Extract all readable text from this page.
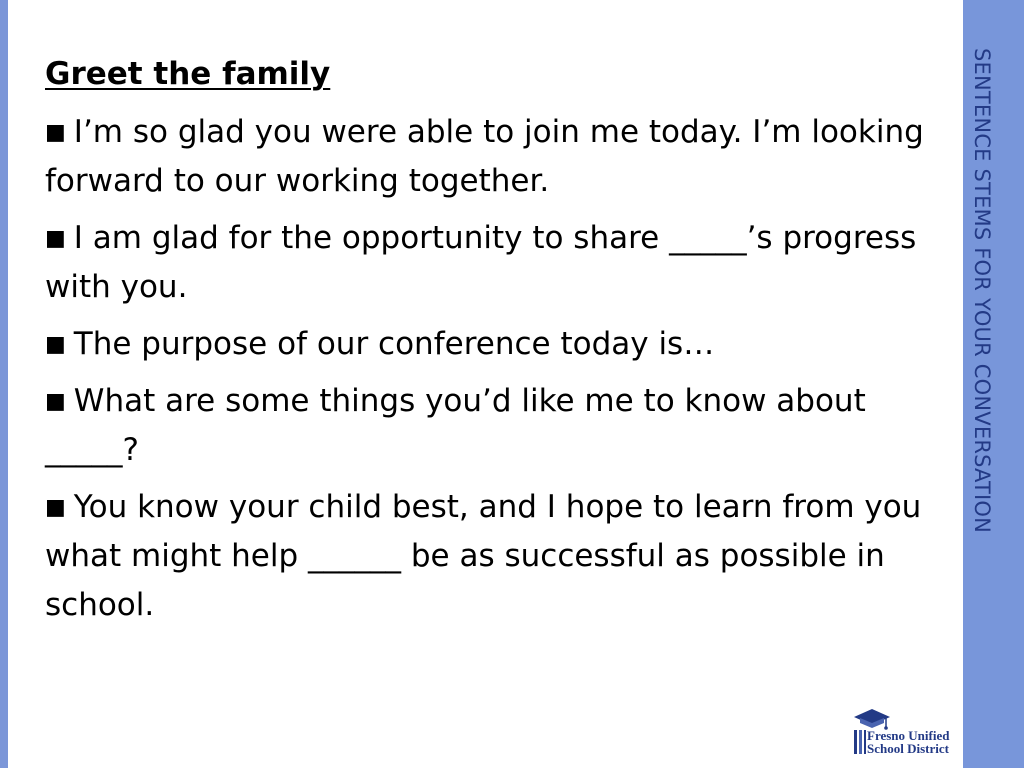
Greet the family
■ I’m so glad you were able to join me today. I’m looking forward to our working together.
■ I am glad for the opportunity to share _____’s progress with you.
■ The purpose of our conference today is…
■ What are some things you’d like me to know about _____?
■ You know your child best, and I hope to learn from you what might help ______ be as successful as possible in school.
SENTENCE STEMS FOR YOUR CONVERSATION
Fresno Unified
School District
